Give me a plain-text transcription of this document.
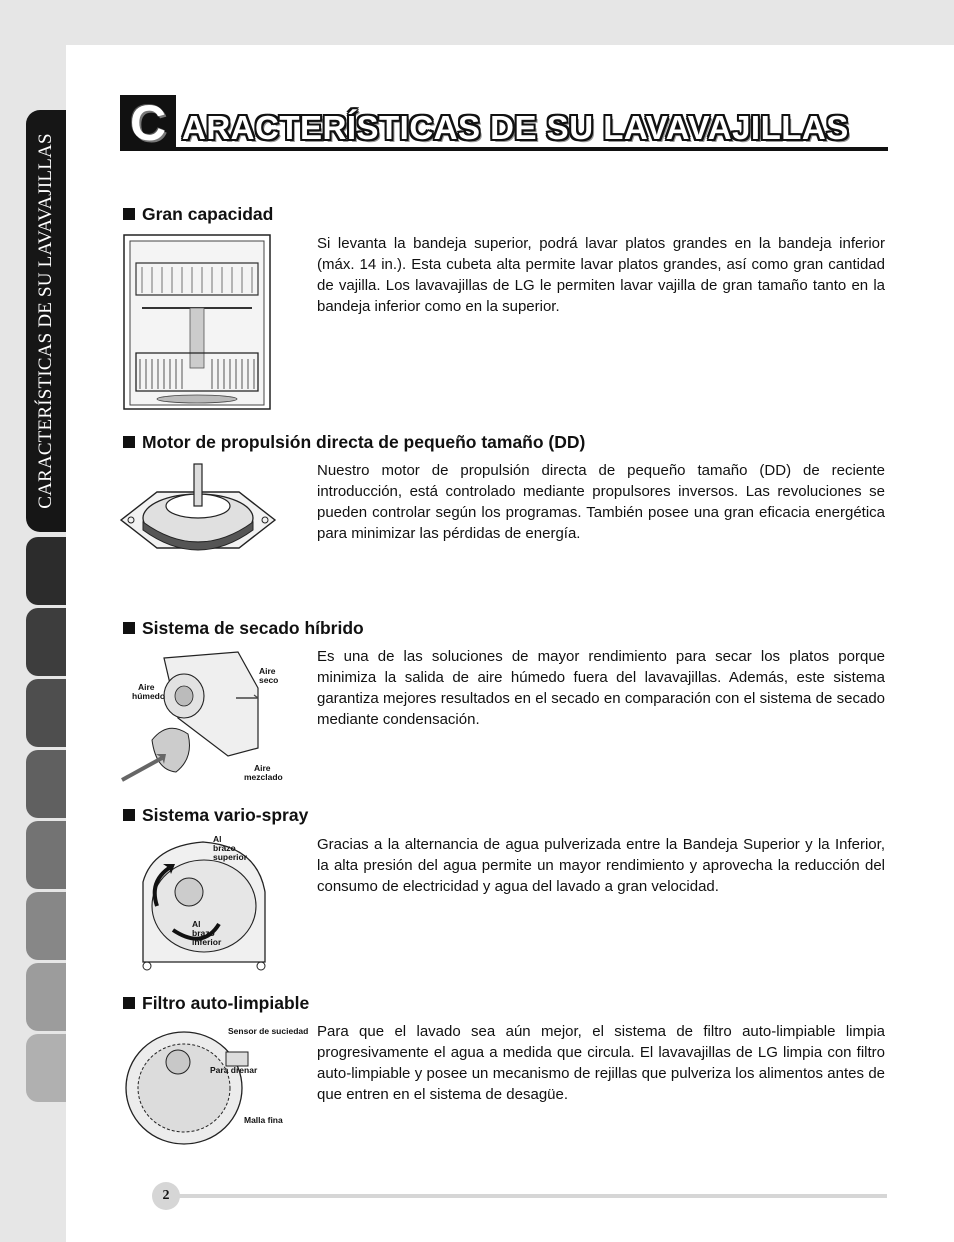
CARACTERÍSTICAS DE SU LAVAVAJILLAS
C ARACTERÍSTICAS DE SU LAVAVAJILLAS
Gran capacidad
Si levanta la bandeja superior, podrá lavar platos grandes en la bandeja inferior (máx. 14 in.). Esta cubeta alta permite lavar platos grandes, así como gran cantidad de vajilla. Los lavavajillas de LG le permiten lavar vajilla de gran tamaño tanto en la bandeja inferior como en la superior.
Motor de propulsión directa de pequeño tamaño (DD)
Nuestro motor de propulsión directa de pequeño tamaño (DD) de reciente introducción, está controlado mediante propulsores inversos. Las revoluciones se pueden controlar según los programas. También posee una gran eficacia energética para minimizar las pérdidas de energía.
Sistema de secado híbrido
Es una de las soluciones de mayor rendimiento para secar los platos porque minimiza la salida de aire húmedo fuera del lavavajillas. Además, este sistema garantiza mejores resultados en el secado en comparación con el sistema de secado mediante condensación.
Aire
húmedo
Aire
seco
Aire
mezclado
Sistema vario-spray
Gracias a la alternancia de agua pulverizada entre la Bandeja Superior y la Inferior, la alta presión del agua permite un mayor rendimiento y aprovecha la reducción del consumo de electricidad y agua del lavado a gran velocidad.
Al
brazo
superior
Al
brazo
inferior
Filtro auto-limpiable
Para que el lavado sea aún mejor, el sistema de filtro auto-limpiable limpia progresivamente el agua a medida que circula. El lavavajillas de LG limpia con filtro auto-limpiable y posee un mecanismo de rejillas que pulveriza los alimentos antes de que entren en el sistema de desagüe.
Sensor de suciedad
Para drenar
Malla fina
2
